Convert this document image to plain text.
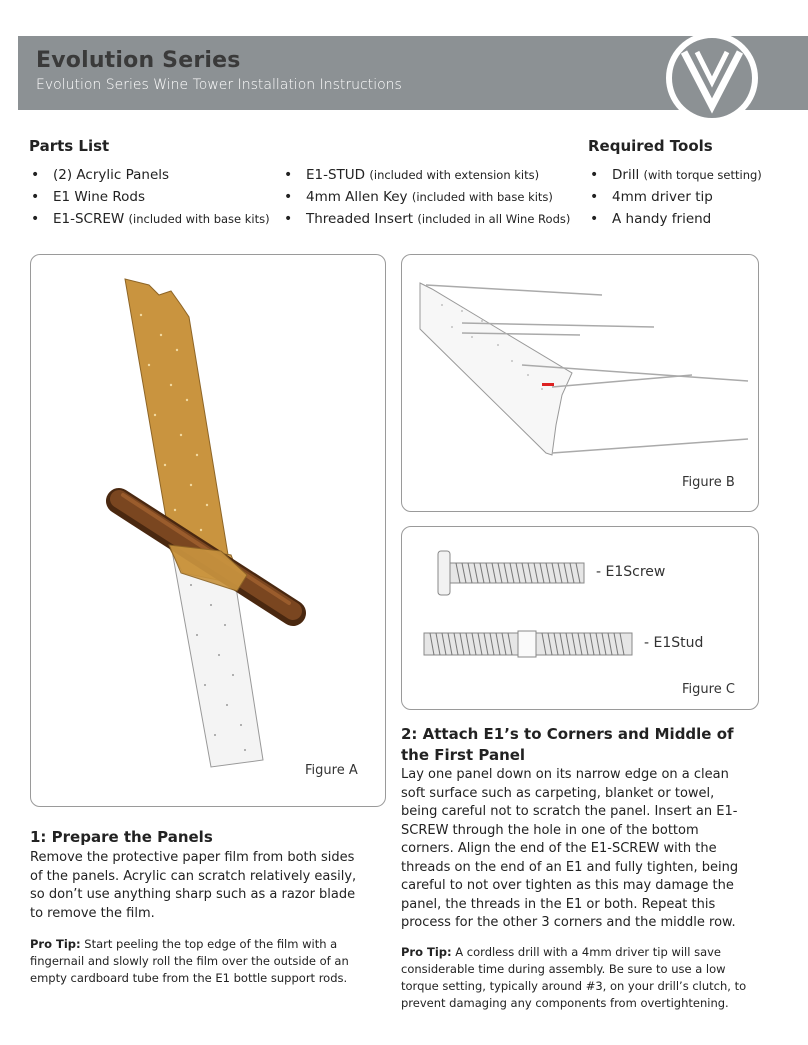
Evolution Series
Evolution Series Wine Tower Installation Instructions
Parts List
• (2) Acrylic Panels
• E1 Wine Rods
• E1-SCREW (included with base kits)
• E1-STUD (included with extension kits)
• 4mm Allen Key (included with base kits)
• Threaded Insert (included in all Wine Rods)
Required Tools
• Drill (with torque setting)
• 4mm driver tip
• A handy friend
Figure A
Figure B
- E1Screw
- E1Stud
Figure C
1: Prepare the Panels
Remove the protective paper film from both sides of the panels. Acrylic can scratch relatively easily, so don’t use anything sharp such as a razor blade to remove the film.
Pro Tip: Start peeling the top edge of the film with a fingernail and slowly roll the film over the outside of an empty cardboard tube from the E1 bottle support rods.
2: Attach E1’s to Corners and Middle of the First Panel
Lay one panel down on its narrow edge on a clean soft surface such as carpeting, blanket or towel, being careful not to scratch the panel. Insert an E1-SCREW through the hole in one of the bottom corners. Align the end of the E1-SCREW with the threads on the end of an E1 and fully tighten, being careful to not over tighten as this may damage the panel, the threads in the E1 or both. Repeat this process for the other 3 corners and the middle row.
Pro Tip: A cordless drill with a 4mm driver tip will save considerable time during assembly. Be sure to use a low torque setting, typically around #3, on your drill’s clutch, to prevent damaging any components from overtightening.
